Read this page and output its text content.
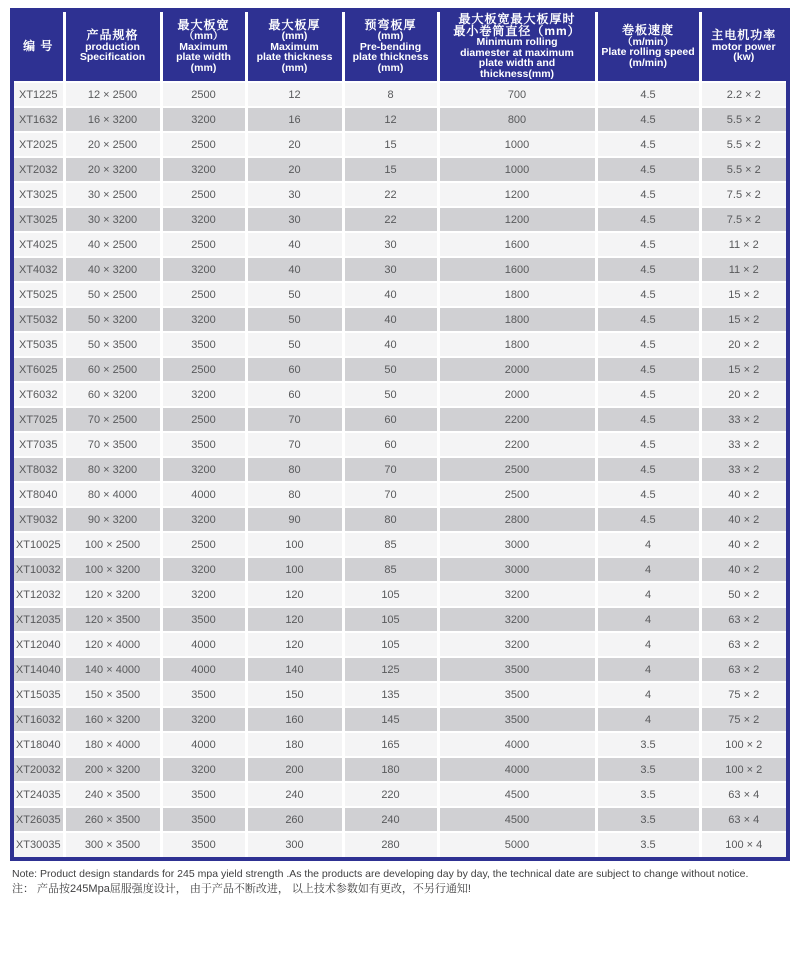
编 号

产品规格
production
Specification

最大板宽
（mm）
Maximum
plate width
(mm)

最大板厚
(mm)
Maximum
plate thickness
(mm)

预弯板厚
(mm)
Pre-bending
plate thickness
(mm)

最大板宽最大板厚时
最小卷筒直径（mm）
Minimum rolling
diamester at maximum
plate width and
thickness(mm)

卷板速度
（m/min）
Plate rolling speed
(m/min)

主电机功率
motor power
(kw)

XT1225	12 × 2500	2500	12	8	700	4.5	2.2 × 2
XT1632	16 × 3200	3200	16	12	800	4.5	5.5 × 2
XT2025	20 × 2500	2500	20	15	1000	4.5	5.5 × 2
XT2032	20 × 3200	3200	20	15	1000	4.5	5.5 × 2
XT3025	30 × 2500	2500	30	22	1200	4.5	7.5 × 2
XT3025	30 × 3200	3200	30	22	1200	4.5	7.5 × 2
XT4025	40 × 2500	2500	40	30	1600	4.5	11 × 2
XT4032	40 × 3200	3200	40	30	1600	4.5	11 × 2
XT5025	50 × 2500	2500	50	40	1800	4.5	15 × 2
XT5032	50 × 3200	3200	50	40	1800	4.5	15 × 2
XT5035	50 × 3500	3500	50	40	1800	4.5	20 × 2
XT6025	60 × 2500	2500	60	50	2000	4.5	15 × 2
XT6032	60 × 3200	3200	60	50	2000	4.5	20 × 2
XT7025	70 × 2500	2500	70	60	2200	4.5	33 × 2
XT7035	70 × 3500	3500	70	60	2200	4.5	33 × 2
XT8032	80 × 3200	3200	80	70	2500	4.5	33 × 2
XT8040	80 × 4000	4000	80	70	2500	4.5	40 × 2
XT9032	90 × 3200	3200	90	80	2800	4.5	40 × 2
XT10025	100 × 2500	2500	100	85	3000	4	40 × 2
XT10032	100 × 3200	3200	100	85	3000	4	40 × 2
XT12032	120 × 3200	3200	120	105	3200	4	50 × 2
XT12035	120 × 3500	3500	120	105	3200	4	63 × 2
XT12040	120 × 4000	4000	120	105	3200	4	63 × 2
XT14040	140 × 4000	4000	140	125	3500	4	63 × 2
XT15035	150 × 3500	3500	150	135	3500	4	75 × 2
XT16032	160 × 3200	3200	160	145	3500	4	75 × 2
XT18040	180 × 4000	4000	180	165	4000	3.5	100 × 2
XT20032	200 × 3200	3200	200	180	4000	3.5	100 × 2
XT24035	240 × 3500	3500	240	220	4500	3.5	63 × 4
XT26035	260 × 3500	3500	260	240	4500	3.5	63 × 4
XT30035	300 × 3500	3500	300	280	5000	3.5	100 × 4
Note: Product design standards for 245 mpa yield strength .As the products are developing day by day, the technical date are subject to change without notice.
注： 产品按245Mpa屈服强度设计， 由于产品不断改进， 以上技术参数如有更改，不另行通知!
